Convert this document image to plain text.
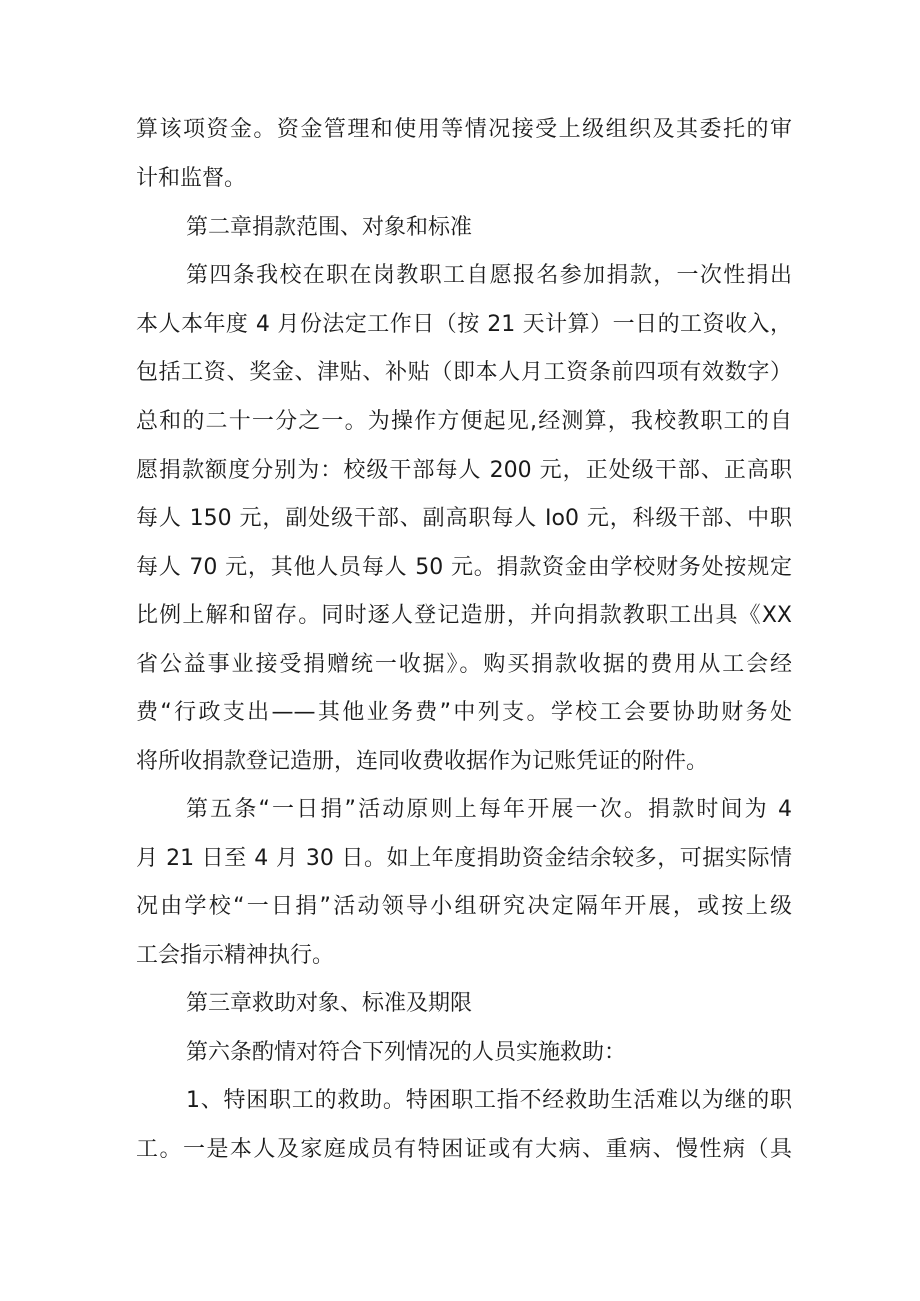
算该项资金。资金管理和使用等情况接受上级组织及其委托的审
计和监督。
第二章捐款范围、对象和标准
第四条我校在职在岗教职工自愿报名参加捐款，一次性捐出
本人本年度 4 月份法定工作日（按 21 天计算）一日的工资收入，
包括工资、奖金、津贴、补贴（即本人月工资条前四项有效数字）
总和的二十一分之一。为操作方便起见,经测算，我校教职工的自
愿捐款额度分别为：校级干部每人 200 元，正处级干部、正高职
每人 150 元，副处级干部、副高职每人 Io0 元，科级干部、中职
每人 70 元，其他人员每人 50 元。捐款资金由学校财务处按规定
比例上解和留存。同时逐人登记造册，并向捐款教职工出具《XX
省公益事业接受捐赠统一收据》。购买捐款收据的费用从工会经
费“行政支出——其他业务费”中列支。学校工会要协助财务处
将所收捐款登记造册，连同收费收据作为记账凭证的附件。
第五条“一日捐”活动原则上每年开展一次。捐款时间为 4
月 21 日至 4 月 30 日。如上年度捐助资金结余较多，可据实际情
况由学校“一日捐”活动领导小组研究决定隔年开展，或按上级
工会指示精神执行。
第三章救助对象、标准及期限
第六条酌情对符合下列情况的人员实施救助：
1、特困职工的救助。特困职工指不经救助生活难以为继的职
工。一是本人及家庭成员有特困证或有大病、重病、慢性病（具
